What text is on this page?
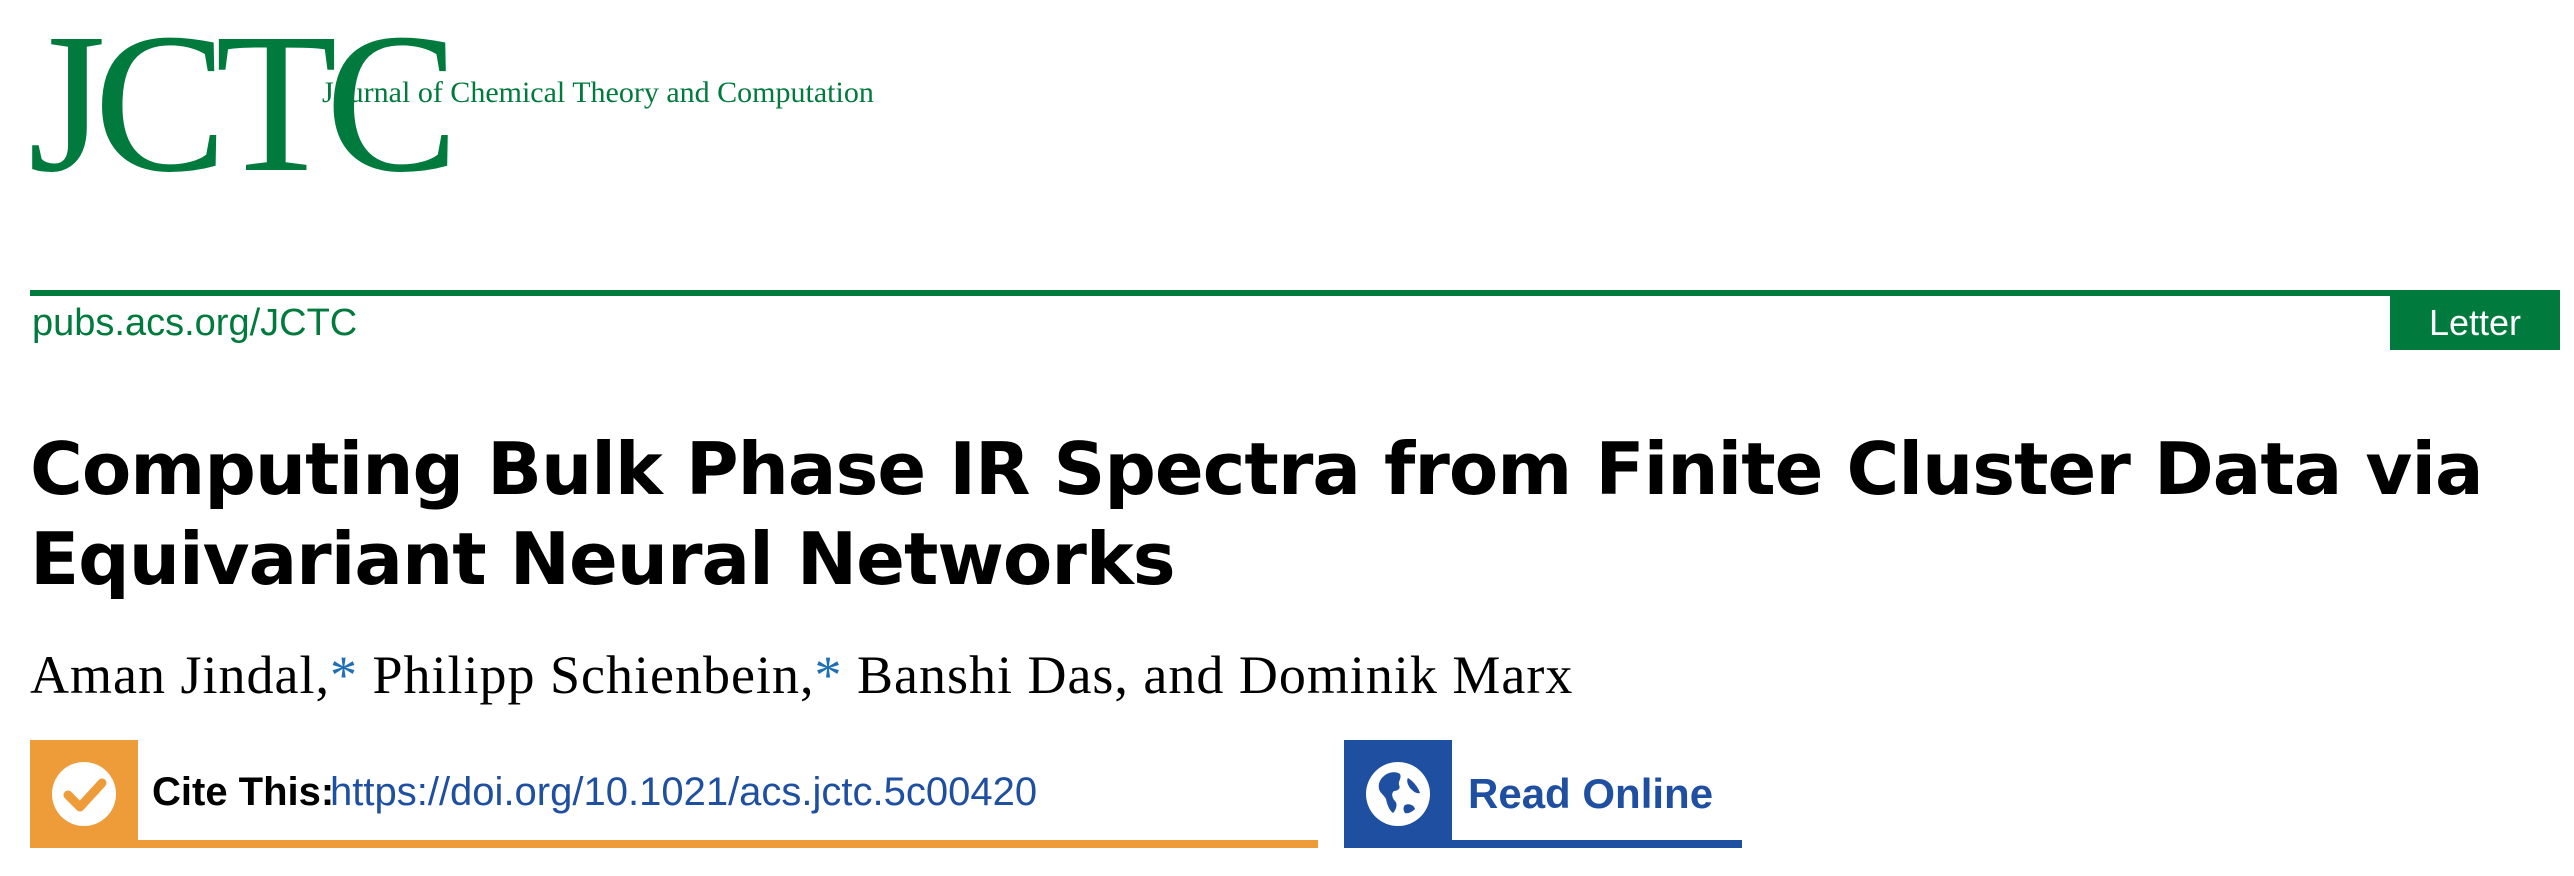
JCTC
Journal of Chemical Theory and Computation
pubs.acs.org/JCTC	Letter
Computing Bulk Phase IR Spectra from Finite Cluster Data via
Equivariant Neural Networks
Aman Jindal,* Philipp Schienbein,* Banshi Das, and Dominik Marx
Cite This:
https://doi.org/10.1021/acs.jctc.5c00420	Read Online
